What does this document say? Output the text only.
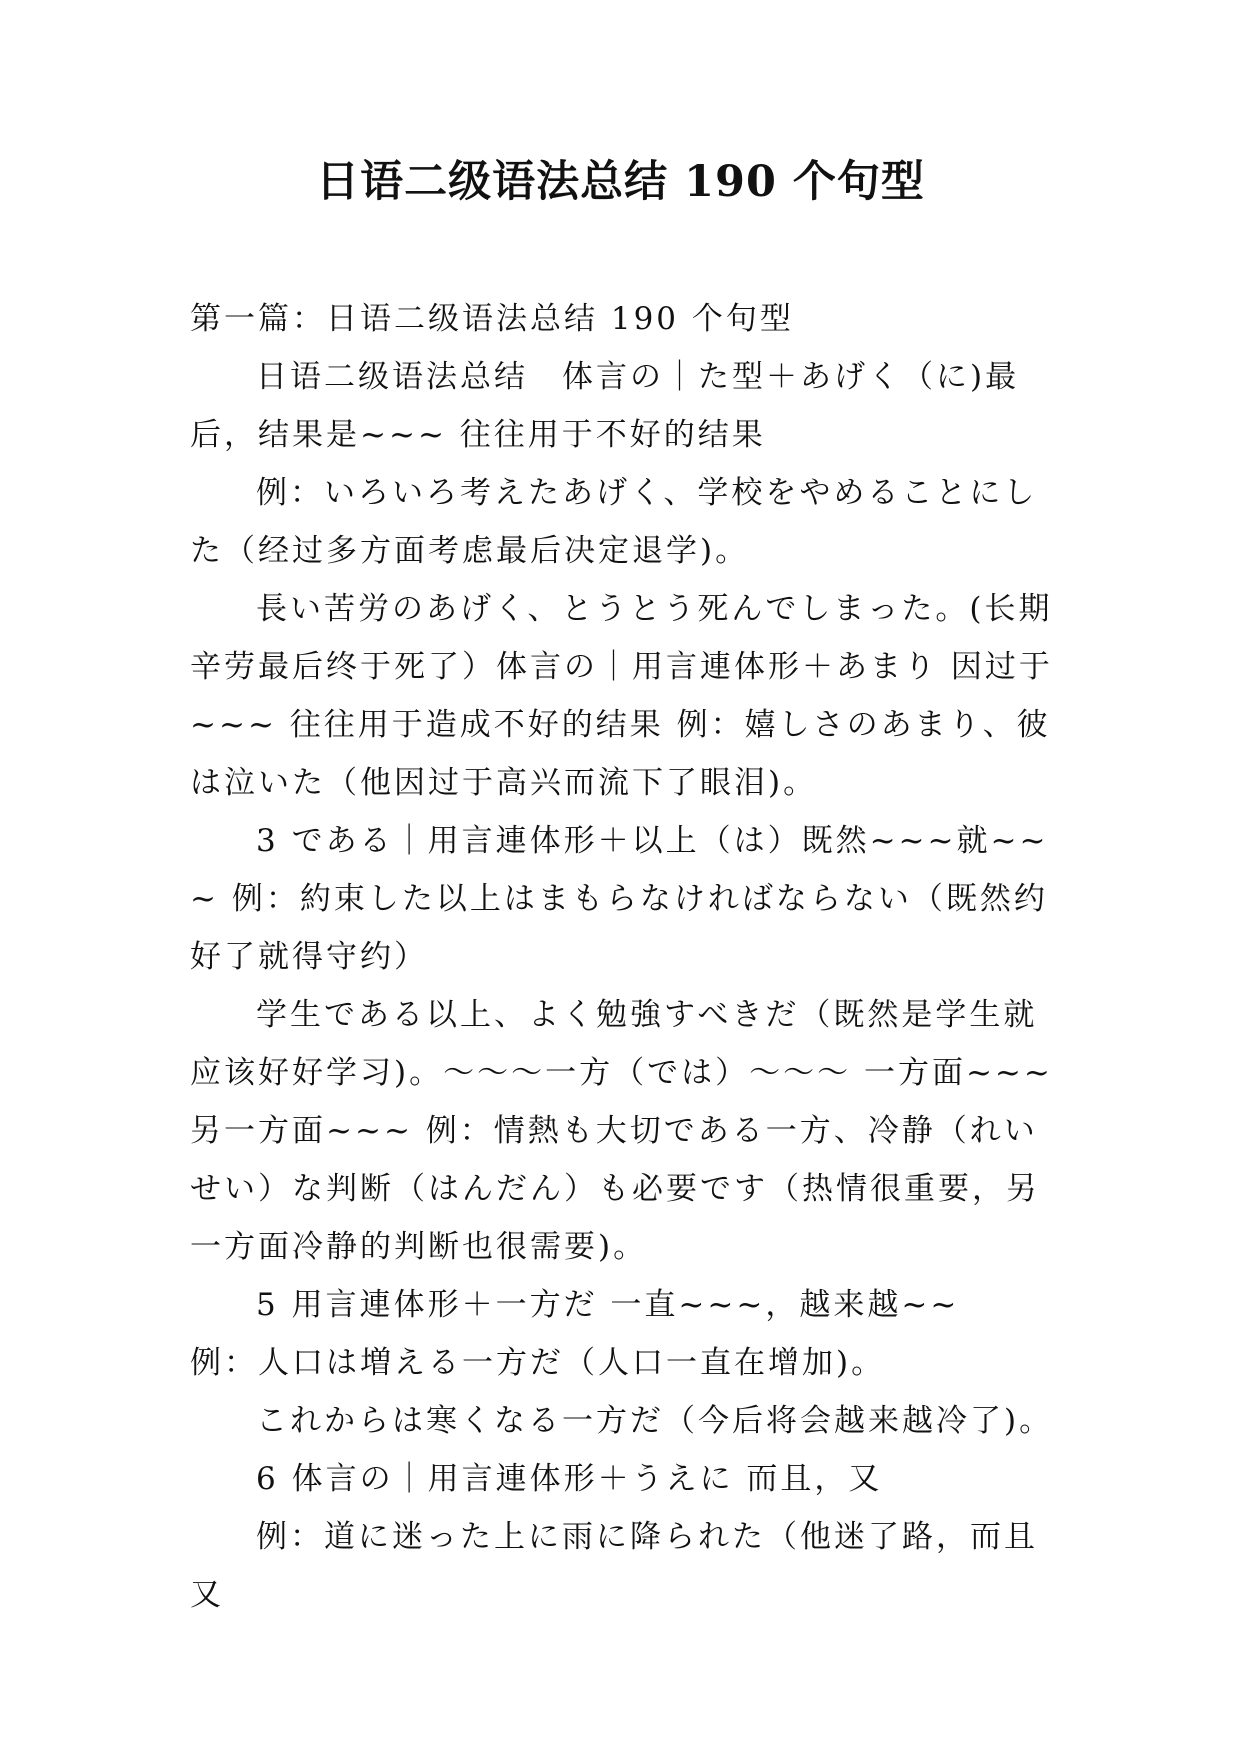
日语二级语法总结 190 个句型

第一篇：日语二级语法总结 190 个句型

日语二级语法总结　体言の｜た型＋あげく（に)最后，结果是~~~ 往往用于不好的结果

例：いろいろ考えたあげく、学校をやめることにした（经过多方面考虑最后决定退学)。

長い苦労のあげく、とうとう死んでしまった。(长期辛劳最后终于死了）体言の｜用言連体形＋あまり 因过于~~~ 往往用于造成不好的结果 例：嬉しさのあまり、彼は泣いた（他因过于高兴而流下了眼泪)。

3 である｜用言連体形＋以上（は）既然~~~就~~~ 例：約束した以上はまもらなければならない（既然约好了就得守约）

学生である以上、よく勉強すべきだ（既然是学生就应该好好学习)。～～～一方（では）～～～ 一方面~~~另一方面~~~ 例：情熱も大切である一方、冷静（れいせい）な判断（はんだん）も必要です（热情很重要，另一方面冷静的判断也很需要)。

5 用言連体形＋一方だ 一直~~~，越来越~~　例：人口は増える一方だ（人口一直在增加)。

これからは寒くなる一方だ（今后将会越来越冷了)。

6 体言の｜用言連体形＋うえに 而且，又

例：道に迷った上に雨に降られた（他迷了路，而且又
